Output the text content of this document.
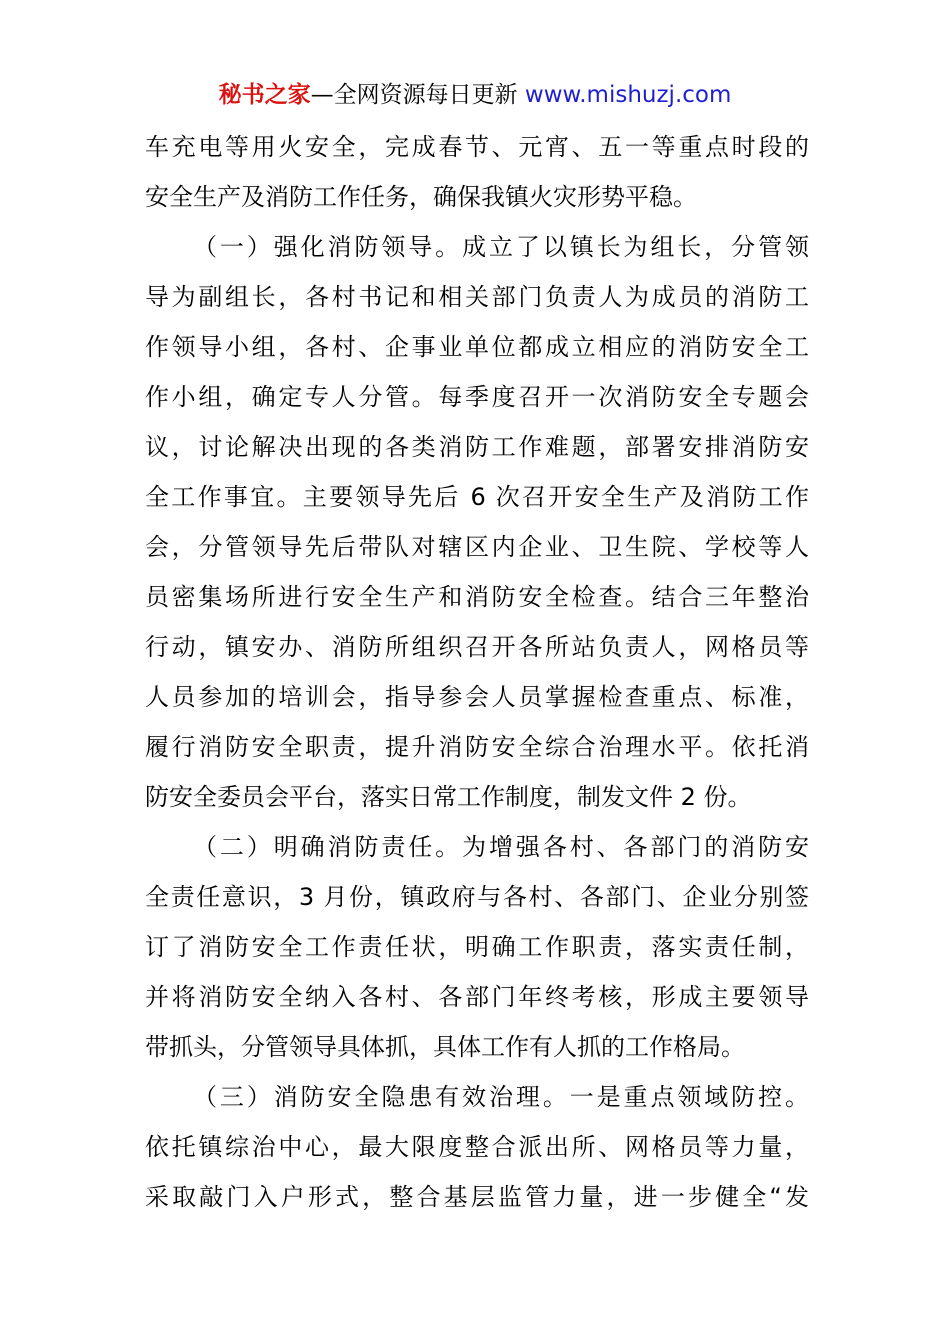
秘书之家—全网资源每日更新 www.mishuzj.com
车充电等用火安全，完成春节、元宵、五一等重点时段的
安全生产及消防工作任务，确保我镇火灾形势平稳。
（一）强化消防领导。成立了以镇长为组长，分管领
导为副组长，各村书记和相关部门负责人为成员的消防工
作领导小组，各村、企事业单位都成立相应的消防安全工
作小组，确定专人分管。每季度召开一次消防安全专题会
议，讨论解决出现的各类消防工作难题，部署安排消防安
全工作事宜。主要领导先后 6 次召开安全生产及消防工作
会，分管领导先后带队对辖区内企业、卫生院、学校等人
员密集场所进行安全生产和消防安全检查。结合三年整治
行动，镇安办、消防所组织召开各所站负责人，网格员等
人员参加的培训会，指导参会人员掌握检查重点、标准，
履行消防安全职责，提升消防安全综合治理水平。依托消
防安全委员会平台，落实日常工作制度，制发文件 2 份。
（二）明确消防责任。为增强各村、各部门的消防安
全责任意识，3 月份，镇政府与各村、各部门、企业分别签
订了消防安全工作责任状，明确工作职责，落实责任制，
并将消防安全纳入各村、各部门年终考核，形成主要领导
带抓头，分管领导具体抓，具体工作有人抓的工作格局。
（三）消防安全隐患有效治理。一是重点领域防控。
依托镇综治中心，最大限度整合派出所、网格员等力量，
采取敲门入户形式，整合基层监管力量，进一步健全“发
